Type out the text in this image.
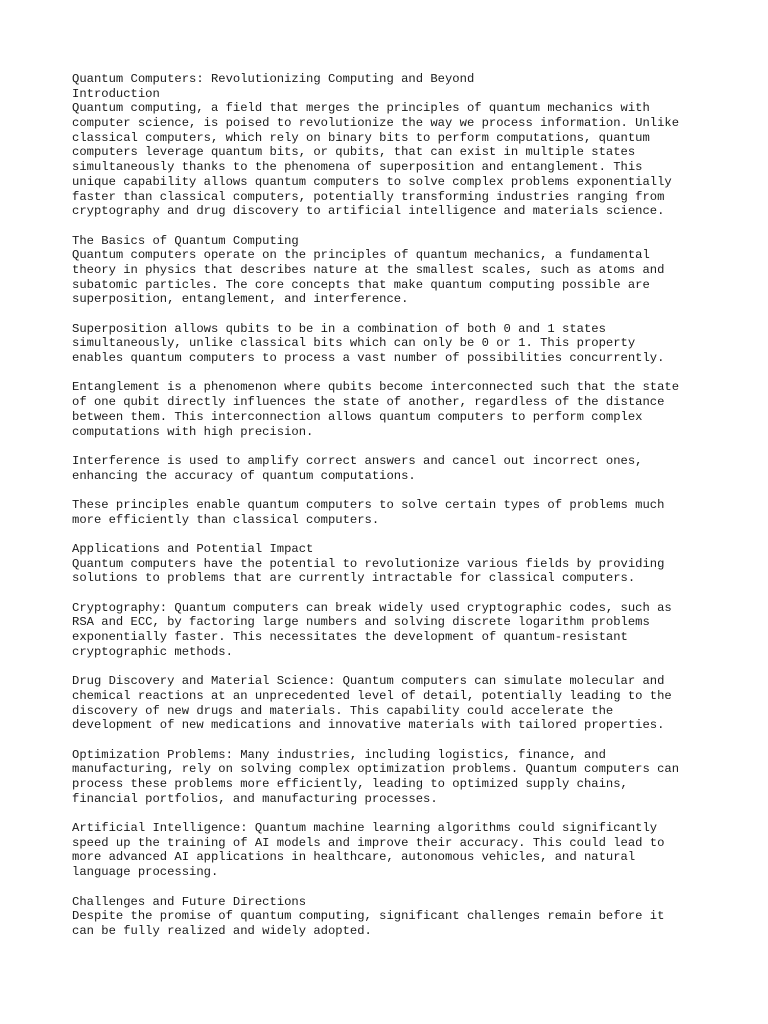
Quantum Computers: Revolutionizing Computing and Beyond
Introduction
Quantum computing, a field that merges the principles of quantum mechanics with
computer science, is poised to revolutionize the way we process information. Unlike
classical computers, which rely on binary bits to perform computations, quantum
computers leverage quantum bits, or qubits, that can exist in multiple states
simultaneously thanks to the phenomena of superposition and entanglement. This
unique capability allows quantum computers to solve complex problems exponentially
faster than classical computers, potentially transforming industries ranging from
cryptography and drug discovery to artificial intelligence and materials science.
The Basics of Quantum Computing
Quantum computers operate on the principles of quantum mechanics, a fundamental
theory in physics that describes nature at the smallest scales, such as atoms and
subatomic particles. The core concepts that make quantum computing possible are
superposition, entanglement, and interference.
Superposition allows qubits to be in a combination of both 0 and 1 states
simultaneously, unlike classical bits which can only be 0 or 1. This property
enables quantum computers to process a vast number of possibilities concurrently.
Entanglement is a phenomenon where qubits become interconnected such that the state
of one qubit directly influences the state of another, regardless of the distance
between them. This interconnection allows quantum computers to perform complex
computations with high precision.
Interference is used to amplify correct answers and cancel out incorrect ones,
enhancing the accuracy of quantum computations.
These principles enable quantum computers to solve certain types of problems much
more efficiently than classical computers.
Applications and Potential Impact
Quantum computers have the potential to revolutionize various fields by providing
solutions to problems that are currently intractable for classical computers.
Cryptography: Quantum computers can break widely used cryptographic codes, such as
RSA and ECC, by factoring large numbers and solving discrete logarithm problems
exponentially faster. This necessitates the development of quantum-resistant
cryptographic methods.
Drug Discovery and Material Science: Quantum computers can simulate molecular and
chemical reactions at an unprecedented level of detail, potentially leading to the
discovery of new drugs and materials. This capability could accelerate the
development of new medications and innovative materials with tailored properties.
Optimization Problems: Many industries, including logistics, finance, and
manufacturing, rely on solving complex optimization problems. Quantum computers can
process these problems more efficiently, leading to optimized supply chains,
financial portfolios, and manufacturing processes.
Artificial Intelligence: Quantum machine learning algorithms could significantly
speed up the training of AI models and improve their accuracy. This could lead to
more advanced AI applications in healthcare, autonomous vehicles, and natural
language processing.
Challenges and Future Directions
Despite the promise of quantum computing, significant challenges remain before it
can be fully realized and widely adopted.
